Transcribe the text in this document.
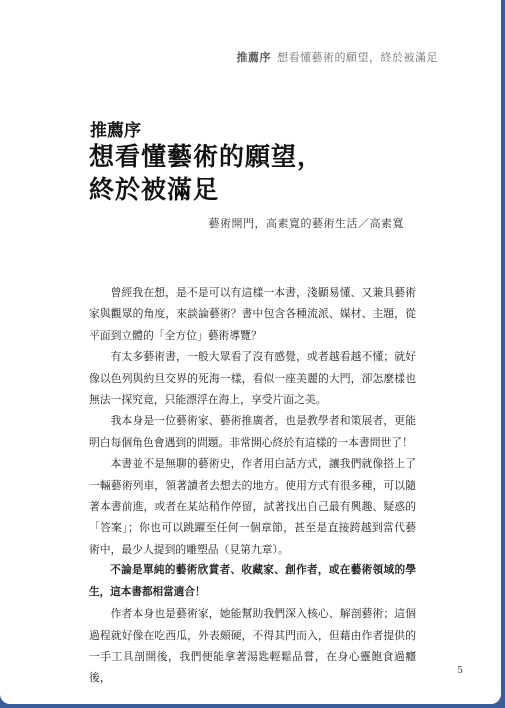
推薦序 想看懂藝術的願望，終於被滿足
推薦序
想看懂藝術的願望，
終於被滿足
藝術開門，高素寬的藝術生活／高素寬

曾經我在想，是不是可以有這樣一本書，淺顯易懂、又兼具藝術家與觀眾的角度，來談論藝術？書中包含各種流派、媒材、主題，從平面到立體的「全方位」藝術導覽？

有太多藝術書，一般大眾看了沒有感覺，或者越看越不懂；就好像以色列與約旦交界的死海一樣，看似一座美麗的大門，卻怎麼樣也無法一探究竟，只能漂浮在海上，享受片面之美。

我本身是一位藝術家、藝術推廣者，也是教學者和策展者，更能明白每個角色會遇到的問題。非常開心終於有這樣的一本書問世了！

本書並不是無聊的藝術史，作者用白話方式，讓我們就像搭上了一輛藝術列車，領著讀者去想去的地方。使用方式有很多種，可以隨著本書前進，或者在某站稍作停留，試著找出自己最有興趣、疑惑的「答案」；你也可以跳躍至任何一個章節，甚至是直接跨越到當代藝術中，最少人提到的雕塑品（見第九章）。

不論是單純的藝術欣賞者、收藏家、創作者，或在藝術領域的學生，這本書都相當適合！

作者本身也是藝術家，她能幫助我們深入核心、解剖藝術；這個過程就好像在吃西瓜，外表頗硬，不得其門而入，但藉由作者提供的一手工具剖開後，我們便能拿著湯匙輕鬆品嘗，在身心靈飽食過癮後，

5
